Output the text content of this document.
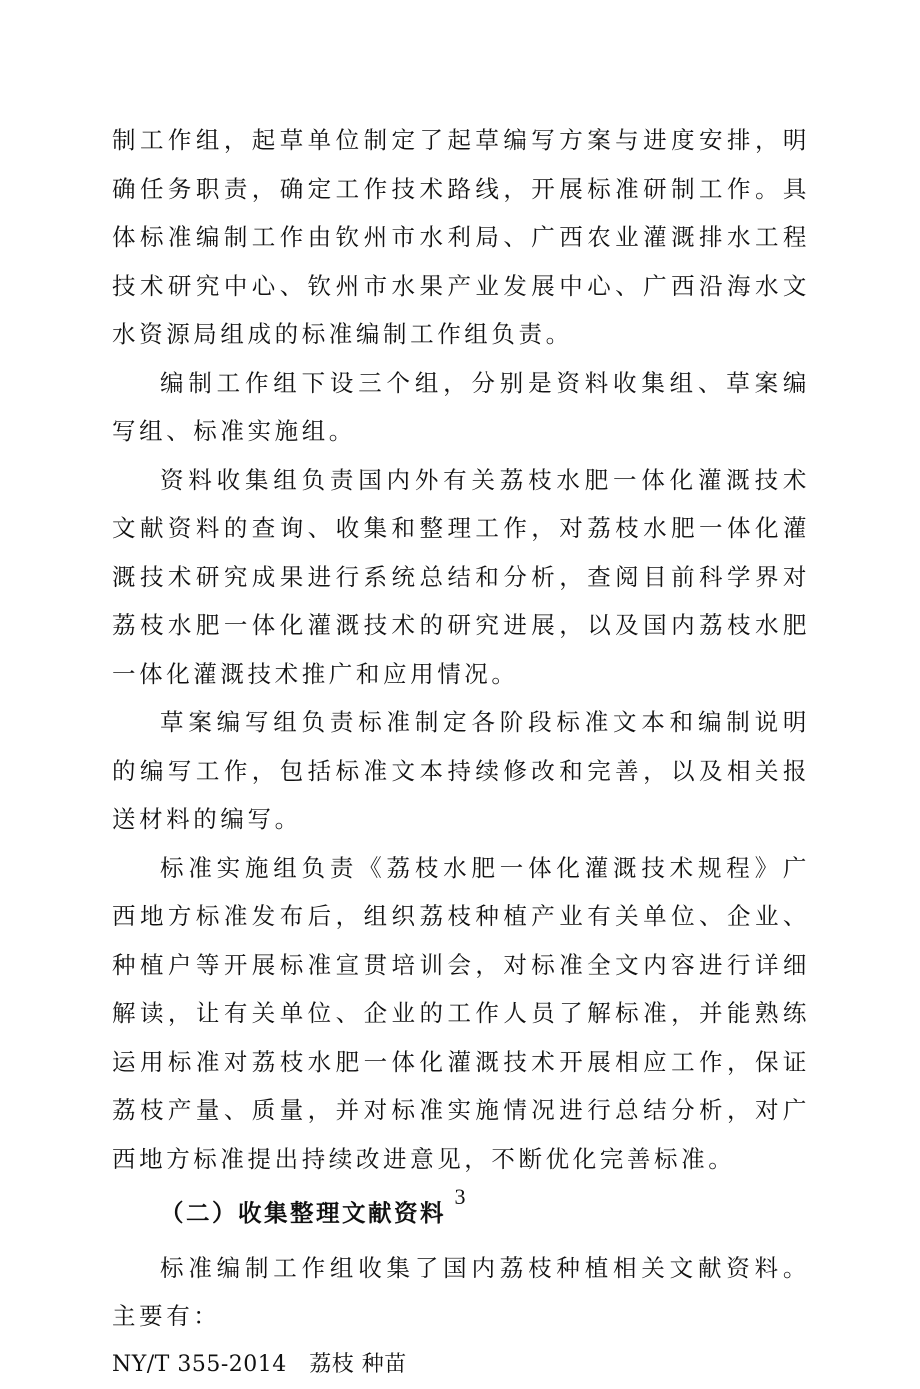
制工作组，起草单位制定了起草编写方案与进度安排，明确任务职责，确定工作技术路线，开展标准研制工作。具体标准编制工作由钦州市水利局、广西农业灌溉排水工程技术研究中心、钦州市水果产业发展中心、广西沿海水文水资源局组成的标准编制工作组负责。

编制工作组下设三个组，分别是资料收集组、草案编写组、标准实施组。

资料收集组负责国内外有关荔枝水肥一体化灌溉技术文献资料的查询、收集和整理工作，对荔枝水肥一体化灌溉技术研究成果进行系统总结和分析，查阅目前科学界对荔枝水肥一体化灌溉技术的研究进展，以及国内荔枝水肥一体化灌溉技术推广和应用情况。

草案编写组负责标准制定各阶段标准文本和编制说明的编写工作，包括标准文本持续修改和完善，以及相关报送材料的编写。

标准实施组负责《荔枝水肥一体化灌溉技术规程》广西地方标准发布后，组织荔枝种植产业有关单位、企业、种植户等开展标准宣贯培训会，对标准全文内容进行详细解读，让有关单位、企业的工作人员了解标准，并能熟练运用标准对荔枝水肥一体化灌溉技术开展相应工作，保证荔枝产量、质量，并对标准实施情况进行总结分析，对广西地方标准提出持续改进意见，不断优化完善标准。

（二）收集整理文献资料

标准编制工作组收集了国内荔枝种植相关文献资料。主要有：

NY/T 355-2014 荔枝 种苗

3
